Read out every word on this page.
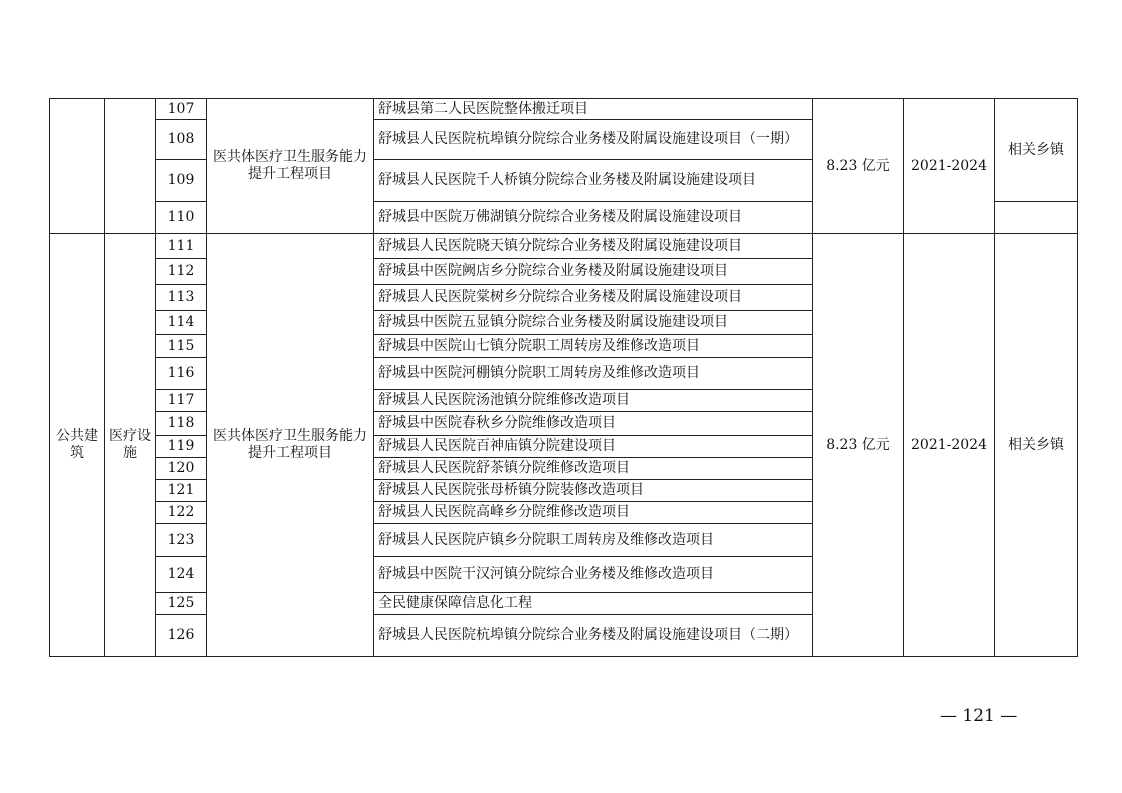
		107	医共体医疗卫生服务能力提升工程项目	舒城县第二人民医院整体搬迁项目	8.23 亿元	2021-2024	相关乡镇
		108		舒城县人民医院杭埠镇分院综合业务楼及附属设施建设项目（一期）			
		109		舒城县人民医院千人桥镇分院综合业务楼及附属设施建设项目			
		110		舒城县中医院万佛湖镇分院综合业务楼及附属设施建设项目			
公共建筑	医疗设施	111	医共体医疗卫生服务能力提升工程项目	舒城县人民医院晓天镇分院综合业务楼及附属设施建设项目	8.23 亿元	2021-2024	相关乡镇
		112		舒城县中医院阙店乡分院综合业务楼及附属设施建设项目			
		113		舒城县人民医院棠树乡分院综合业务楼及附属设施建设项目			
		114		舒城县中医院五显镇分院综合业务楼及附属设施建设项目			
		115		舒城县中医院山七镇分院职工周转房及维修改造项目			
		116		舒城县中医院河棚镇分院职工周转房及维修改造项目			
		117		舒城县人民医院汤池镇分院维修改造项目			
		118		舒城县中医院春秋乡分院维修改造项目			
		119		舒城县人民医院百神庙镇分院建设项目			
		120		舒城县人民医院舒茶镇分院维修改造项目			
		121		舒城县人民医院张母桥镇分院装修改造项目			
		122		舒城县人民医院高峰乡分院维修改造项目			
		123		舒城县人民医院庐镇乡分院职工周转房及维修改造项目			
		124		舒城县中医院干汉河镇分院综合业务楼及维修改造项目			
		125		全民健康保障信息化工程			
		126		舒城县人民医院杭埠镇分院综合业务楼及附属设施建设项目（二期）			
— 121 —
